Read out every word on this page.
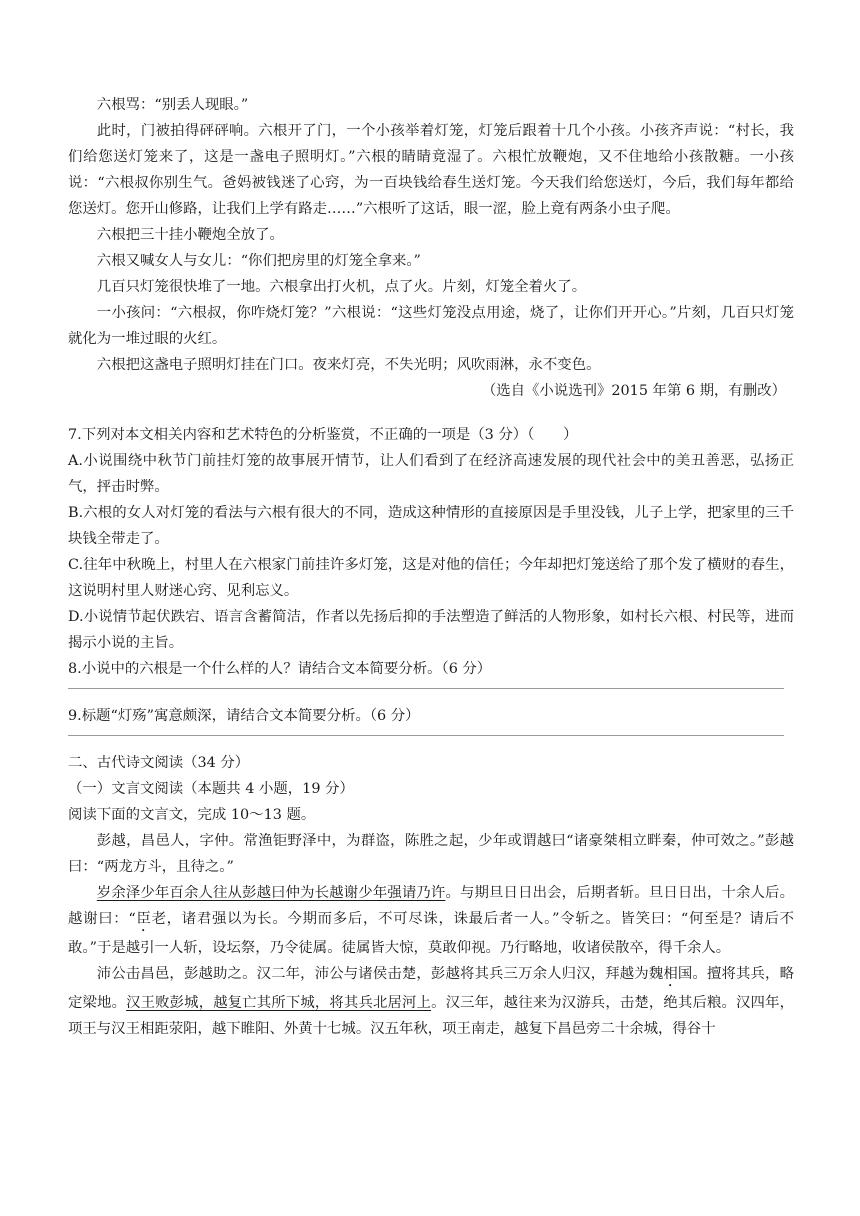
六根骂：“别丢人现眼。”

此时，门被拍得砰砰响。六根开了门，一个小孩举着灯笼，灯笼后跟着十几个小孩。小孩齐声说：“村长，我们给您送灯笼来了，这是一盏电子照明灯。”六根的睛睛竟湿了。六根忙放鞭炮，又不住地给小孩散糖。一小孩说：“六根叔你别生气。爸妈被钱迷了心窍，为一百块钱给春生送灯笼。今天我们给您送灯，今后，我们每年都给您送灯。您开山修路，让我们上学有路走……”六根听了这话，眼一涩，脸上竟有两条小虫子爬。

六根把三十挂小鞭炮全放了。

六根又喊女人与女儿：“你们把房里的灯笼全拿来。”

几百只灯笼很快堆了一地。六根拿出打火机，点了火。片刻，灯笼全着火了。

一小孩问：“六根叔，你咋烧灯笼？”六根说：“这些灯笼没点用途，烧了，让你们开开心。”片刻，几百只灯笼就化为一堆过眼的火红。

六根把这盏电子照明灯挂在门口。夜来灯亮，不失光明；风吹雨淋，永不变色。

（选自《小说选刊》2015 年第 6 期，有删改）

7.下列对本文相关内容和艺术特色的分析鉴赏，不正确的一项是（3 分）（　　）

A.小说围绕中秋节门前挂灯笼的故事展开情节，让人们看到了在经济高速发展的现代社会中的美丑善恶，弘扬正气，抨击时弊。

B.六根的女人对灯笼的看法与六根有很大的不同，造成这种情形的直接原因是手里没钱，儿子上学，把家里的三千块钱全带走了。

C.往年中秋晚上，村里人在六根家门前挂许多灯笼，这是对他的信任；今年却把灯笼送给了那个发了横财的春生，这说明村里人财迷心窍、见利忘义。

D.小说情节起伏跌宕、语言含蓄简洁，作者以先扬后抑的手法塑造了鲜活的人物形象，如村长六根、村民等，进而揭示小说的主旨。

8.小说中的六根是一个什么样的人？请结合文本简要分析。（6 分）

9.标题“灯殇”寓意颇深，请结合文本简要分析。（6 分）

二、古代诗文阅读（34 分）

（一）文言文阅读（本题共 4 小题，19 分）

阅读下面的文言文，完成 10～13 题。

彭越，昌邑人，字仲。常渔钜野泽中，为群盗，陈胜之起，少年或谓越曰“诸豪桀相立畔秦，仲可效之。”彭越曰：“两龙方斗，且待之。”

岁余泽少年百余人往从彭越曰仲为长越谢少年强请乃许。与期旦日日出会，后期者斩。旦日日出，十余人后。越谢曰：“臣老，诸君强以为长。今期而多后，不可尽诛，诛最后者一人。”令斩之。皆笑曰：“何至是？请后不敢。”于是越引一人斩，设坛祭，乃令徒属。徒属皆大惊，莫敢仰视。乃行略地，收诸侯散卒，得千余人。

沛公击昌邑，彭越助之。汉二年，沛公与诸侯击楚，彭越将其兵三万余人归汉，拜越为魏相国。擅将其兵，略定梁地。汉王败彭城，越复亡其所下城，将其兵北居河上。汉三年，越往来为汉游兵，击楚，绝其后粮。汉四年，项王与汉王相距荥阳，越下睢阳、外黄十七城。汉五年秋，项王南走，越复下昌邑旁二十余城，得谷十
